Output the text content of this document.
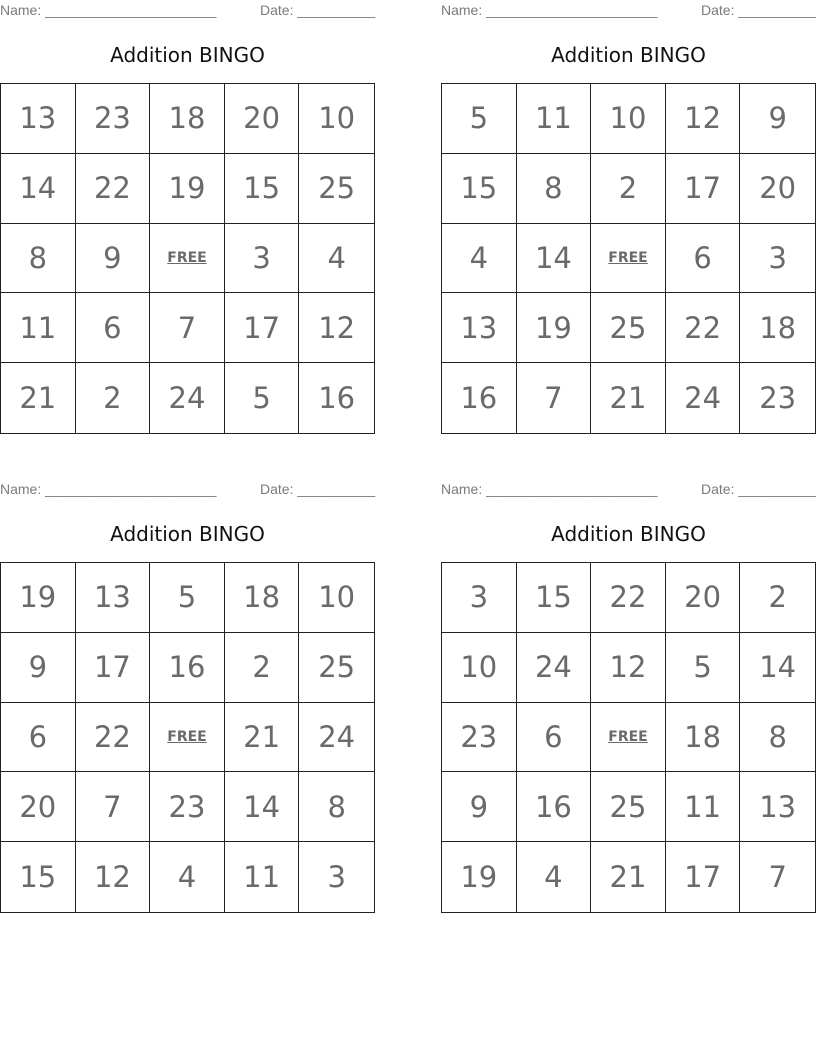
Name: ______________________	Date: __________
Addition BINGO
13	23	18	20	10
14	22	19	15	25
8	9	FREE	3	4
11	6	7	17	12
21	2	24	5	16
Name: ______________________	Date: __________
Addition BINGO
5	11	10	12	9
15	8	2	17	20
4	14	FREE	6	3
13	19	25	22	18
16	7	21	24	23
Name: ______________________	Date: __________
Addition BINGO
19	13	5	18	10
9	17	16	2	25
6	22	FREE	21	24
20	7	23	14	8
15	12	4	11	3
Name: ______________________	Date: __________
Addition BINGO
3	15	22	20	2
10	24	12	5	14
23	6	FREE	18	8
9	16	25	11	13
19	4	21	17	7
